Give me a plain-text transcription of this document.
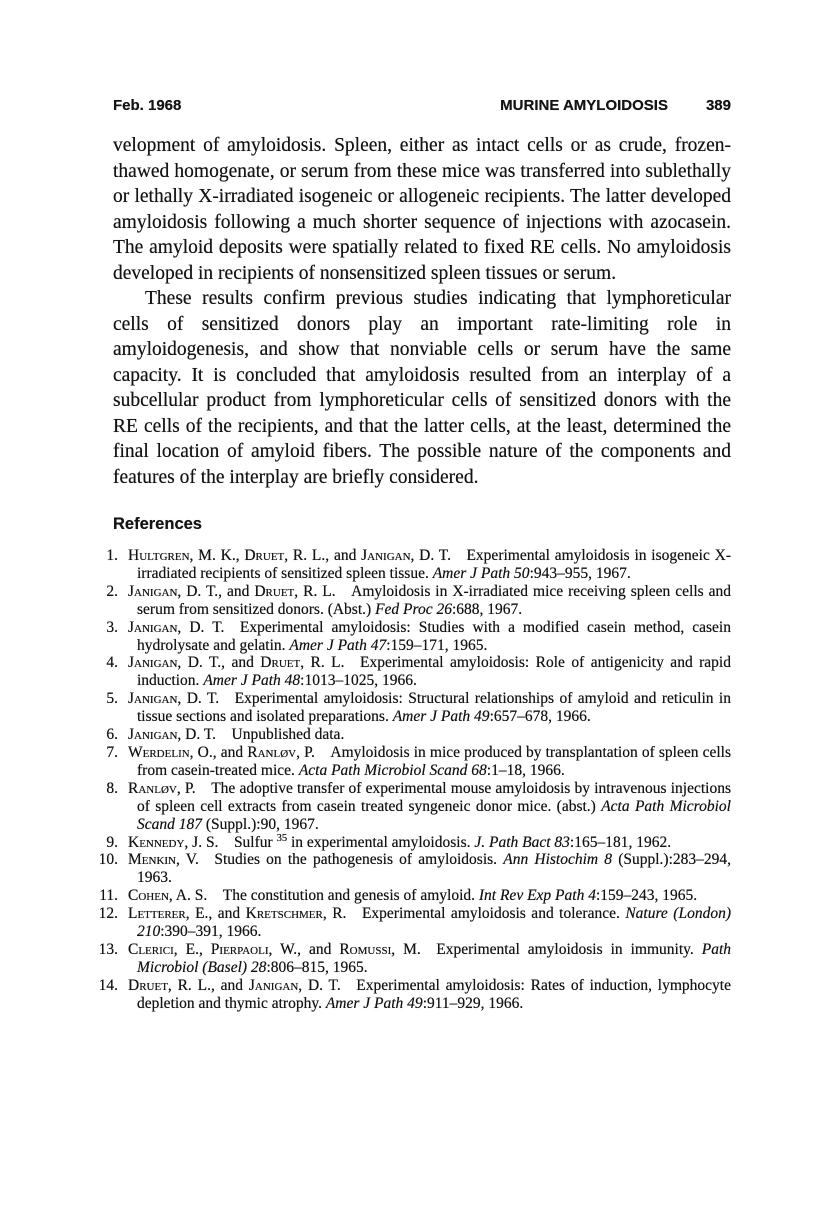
Feb. 1968	MURINE AMYLOIDOSIS	389

velopment of amyloidosis. Spleen, either as intact cells or as crude, frozen-thawed homogenate, or serum from these mice was transferred into sublethally or lethally X-irradiated isogeneic or allogeneic recipients. The latter developed amyloidosis following a much shorter sequence of injections with azocasein. The amyloid deposits were spatially related to fixed RE cells. No amyloidosis developed in recipients of nonsensitized spleen tissues or serum.

These results confirm previous studies indicating that lymphoreticular cells of sensitized donors play an important rate-limiting role in amyloidogenesis, and show that nonviable cells or serum have the same capacity. It is concluded that amyloidosis resulted from an interplay of a subcellular product from lymphoreticular cells of sensitized donors with the RE cells of the recipients, and that the latter cells, at the least, determined the final location of amyloid fibers. The possible nature of the components and features of the interplay are briefly considered.

References
1. Hultgren, M. K., Druet, R. L., and Janigan, D. T. Experimental amyloidosis in isogeneic X-irradiated recipients of sensitized spleen tissue. Amer J Path 50:943–955, 1967.
2. Janigan, D. T., and Druet, R. L. Amyloidosis in X-irradiated mice receiving spleen cells and serum from sensitized donors. (Abst.) Fed Proc 26:688, 1967.
3. Janigan, D. T. Experimental amyloidosis: Studies with a modified casein method, casein hydrolysate and gelatin. Amer J Path 47:159–171, 1965.
4. Janigan, D. T., and Druet, R. L. Experimental amyloidosis: Role of antigenicity and rapid induction. Amer J Path 48:1013–1025, 1966.
5. Janigan, D. T. Experimental amyloidosis: Structural relationships of amyloid and reticulin in tissue sections and isolated preparations. Amer J Path 49:657–678, 1966.
6. Janigan, D. T. Unpublished data.
7. Werdelin, O., and Ranløv, P. Amyloidosis in mice produced by transplantation of spleen cells from casein-treated mice. Acta Path Microbiol Scand 68:1–18, 1966.
8. Ranløv, P. The adoptive transfer of experimental mouse amyloidosis by intravenous injections of spleen cell extracts from casein treated syngeneic donor mice. (abst.) Acta Path Microbiol Scand 187 (Suppl.):90, 1967.
9. Kennedy, J. S. Sulfur $^{35}$ in experimental amyloidosis. J. Path Bact 83:165–181, 1962.
10. Menkin, V. Studies on the pathogenesis of amyloidosis. Ann Histochim 8 (Suppl.):283–294, 1963.
11. Cohen, A. S. The constitution and genesis of amyloid. Int Rev Exp Path 4:159–243, 1965.
12. Letterer, E., and Kretschmer, R. Experimental amyloidosis and tolerance. Nature (London) 210:390–391, 1966.
13. Clerici, E., Pierpaoli, W., and Romussi, M. Experimental amyloidosis in immunity. Path Microbiol (Basel) 28:806–815, 1965.
14. Druet, R. L., and Janigan, D. T. Experimental amyloidosis: Rates of induction, lymphocyte depletion and thymic atrophy. Amer J Path 49:911–929, 1966.
